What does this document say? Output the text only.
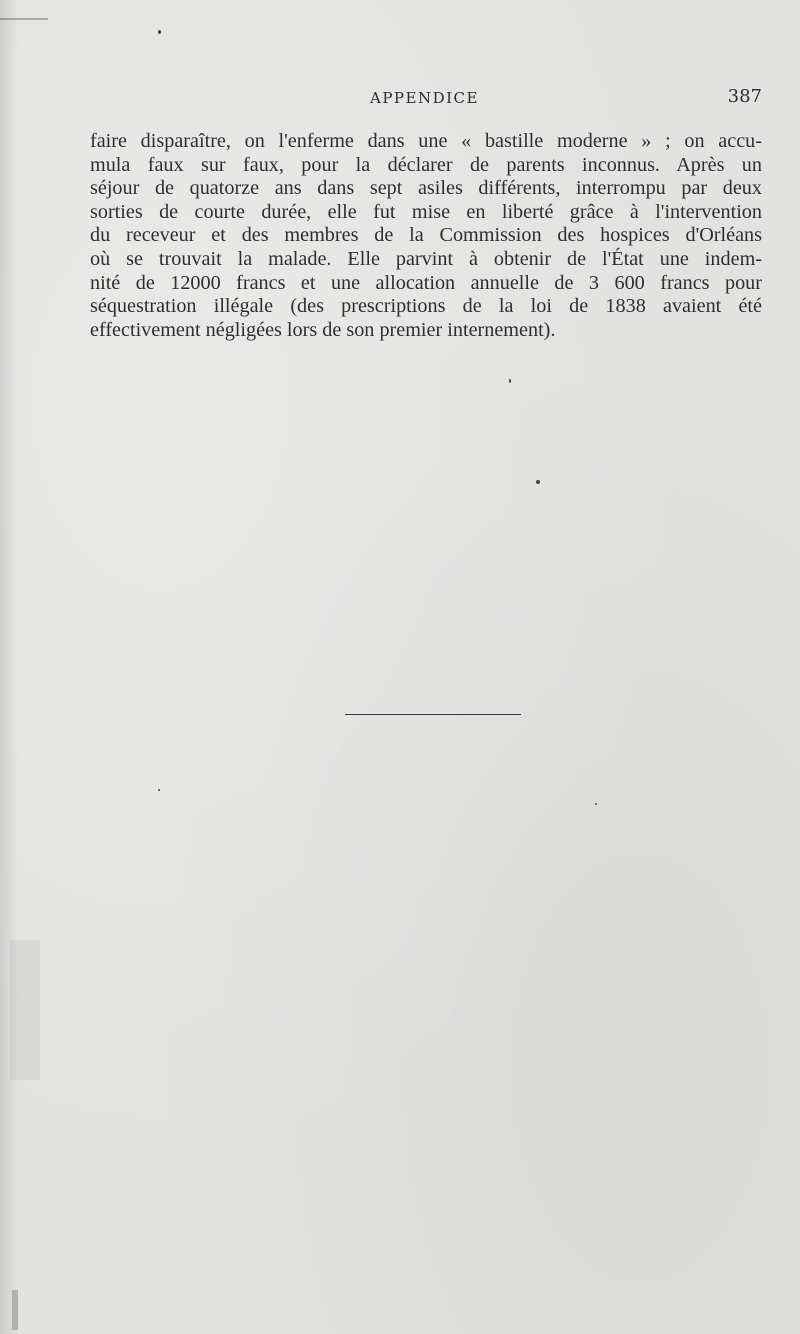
APPENDICE	387
faire disparaître, on l'enferme dans une « bastille moderne » ; on accu-
mula faux sur faux, pour la déclarer de parents inconnus. Après un
séjour de quatorze ans dans sept asiles différents, interrompu par deux
sorties de courte durée, elle fut mise en liberté grâce à l'intervention
du receveur et des membres de la Commission des hospices d'Orléans
où se trouvait la malade. Elle parvint à obtenir de l'État une indem-
nité de 12000 francs et une allocation annuelle de 3 600 francs pour
séquestration illégale (des prescriptions de la loi de 1838 avaient été
effectivement négligées lors de son premier internement).
